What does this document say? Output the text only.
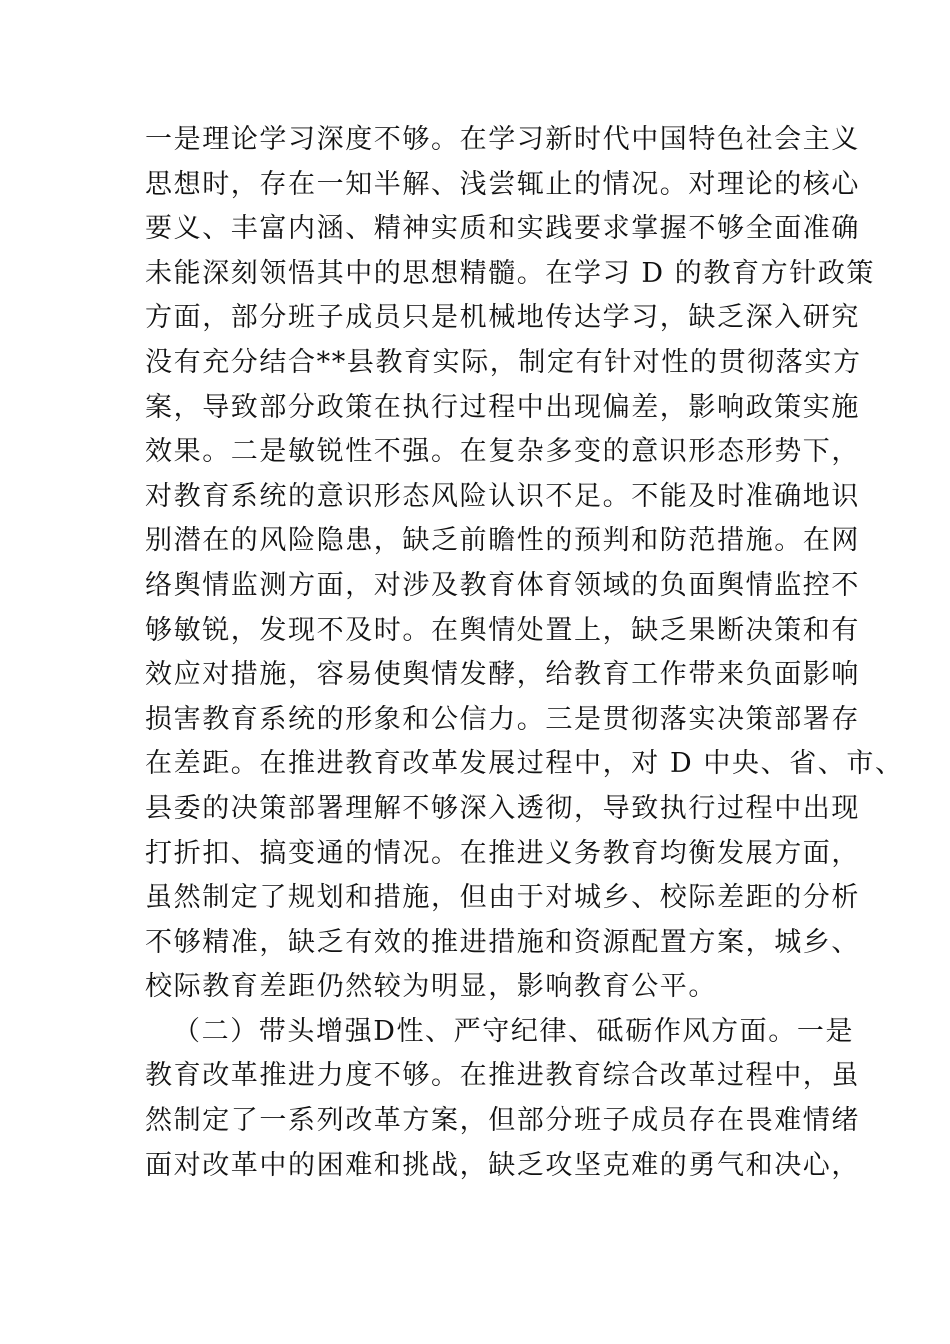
一是理论学习深度不够。在学习新时代中国特色社会主义
思想时，存在一知半解、浅尝辄止的情况。对理论的核心
要义、丰富内涵、精神实质和实践要求掌握不够全面准确
未能深刻领悟其中的思想精髓。在学习 D 的教育方针政策
方面，部分班子成员只是机械地传达学习，缺乏深入研究
没有充分结合**县教育实际，制定有针对性的贯彻落实方
案，导致部分政策在执行过程中出现偏差，影响政策实施
效果。二是敏锐性不强。在复杂多变的意识形态形势下，
对教育系统的意识形态风险认识不足。不能及时准确地识
别潜在的风险隐患，缺乏前瞻性的预判和防范措施。在网
络舆情监测方面，对涉及教育体育领域的负面舆情监控不
够敏锐，发现不及时。在舆情处置上，缺乏果断决策和有
效应对措施，容易使舆情发酵，给教育工作带来负面影响
损害教育系统的形象和公信力。三是贯彻落实决策部署存
在差距。在推进教育改革发展过程中，对 D 中央、省、市、
县委的决策部署理解不够深入透彻，导致执行过程中出现
打折扣、搞变通的情况。在推进义务教育均衡发展方面，
虽然制定了规划和措施，但由于对城乡、校际差距的分析
不够精准，缺乏有效的推进措施和资源配置方案，城乡、
校际教育差距仍然较为明显，影响教育公平。
（二）带头增强D性、严守纪律、砥砺作风方面。一是
教育改革推进力度不够。在推进教育综合改革过程中，虽
然制定了一系列改革方案，但部分班子成员存在畏难情绪
面对改革中的困难和挑战，缺乏攻坚克难的勇气和决心，
